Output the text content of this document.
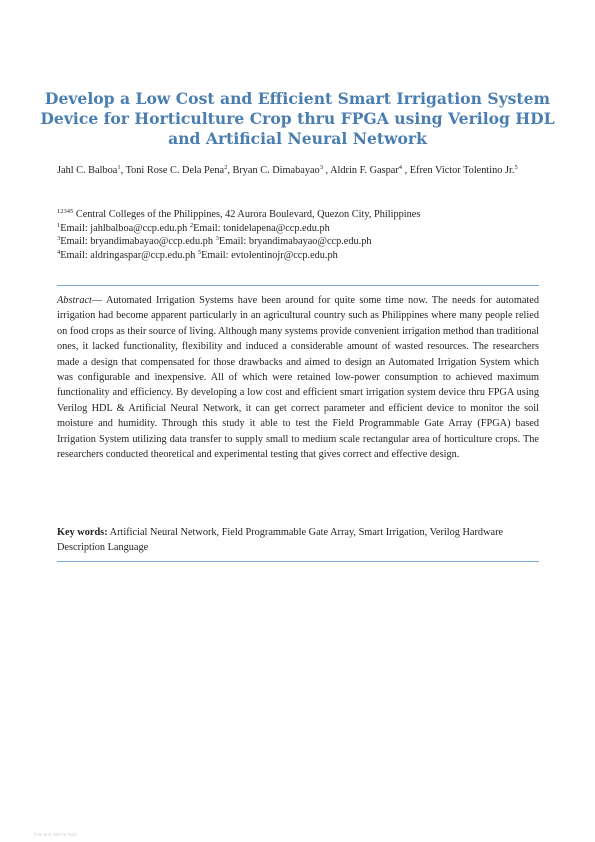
Develop a Low Cost and Efficient Smart Irrigation System
Device for Horticulture Crop thru FPGA using Verilog HDL
and Artificial Neural Network
Jahl C. Balboa$^1$, Toni Rose C. Dela Pena$^2$, Bryan C. Dimabayao$^3$ , Aldrin F. Gaspar$^4$ , Efren Victor Tolentino Jr.$^5$
$^{12345}$ Central Colleges of the Philippines, 42 Aurora Boulevard, Quezon City, Philippines
$^1$Email: jahlbalboa@ccp.edu.ph $^2$Email: tonidelapena@ccp.edu.ph
$^3$Email: bryandimabayao@ccp.edu.ph $^3$Email: bryandimabayao@ccp.edu.ph
$^4$Email: aldringaspar@ccp.edu.ph $^5$Email: evtolentinojr@ccp.edu.ph

Abstract— Automated Irrigation Systems have been around for quite some time now. The needs for automated irrigation had become apparent particularly in an agricultural country such as Philippines where many people relied on food crops as their source of living. Although many systems provide convenient irrigation method than traditional ones, it lacked functionality, flexibility and induced a considerable amount of wasted resources. The researchers made a design that compensated for those drawbacks and aimed to design an Automated Irrigation System which was configurable and inexpensive. All of which were retained low-power consumption to achieved maximum functionality and efficiency. By developing a low cost and efficient smart irrigation system device thru FPGA using Verilog HDL & Artificial Neural Network, it can get correct parameter and efficient device to monitor the soil moisture and humidity. Through this study it able to test the Field Programmable Gate Array (FPGA) based Irrigation System utilizing data transfer to supply small to medium scale rectangular area of horticulture crops. The researchers conducted theoretical and experimental testing that gives correct and effective design.

Key words: Artificial Neural Network, Field Programmable Gate Array, Smart Irrigation, Verilog Hardware Description Language

Free and safe to read
